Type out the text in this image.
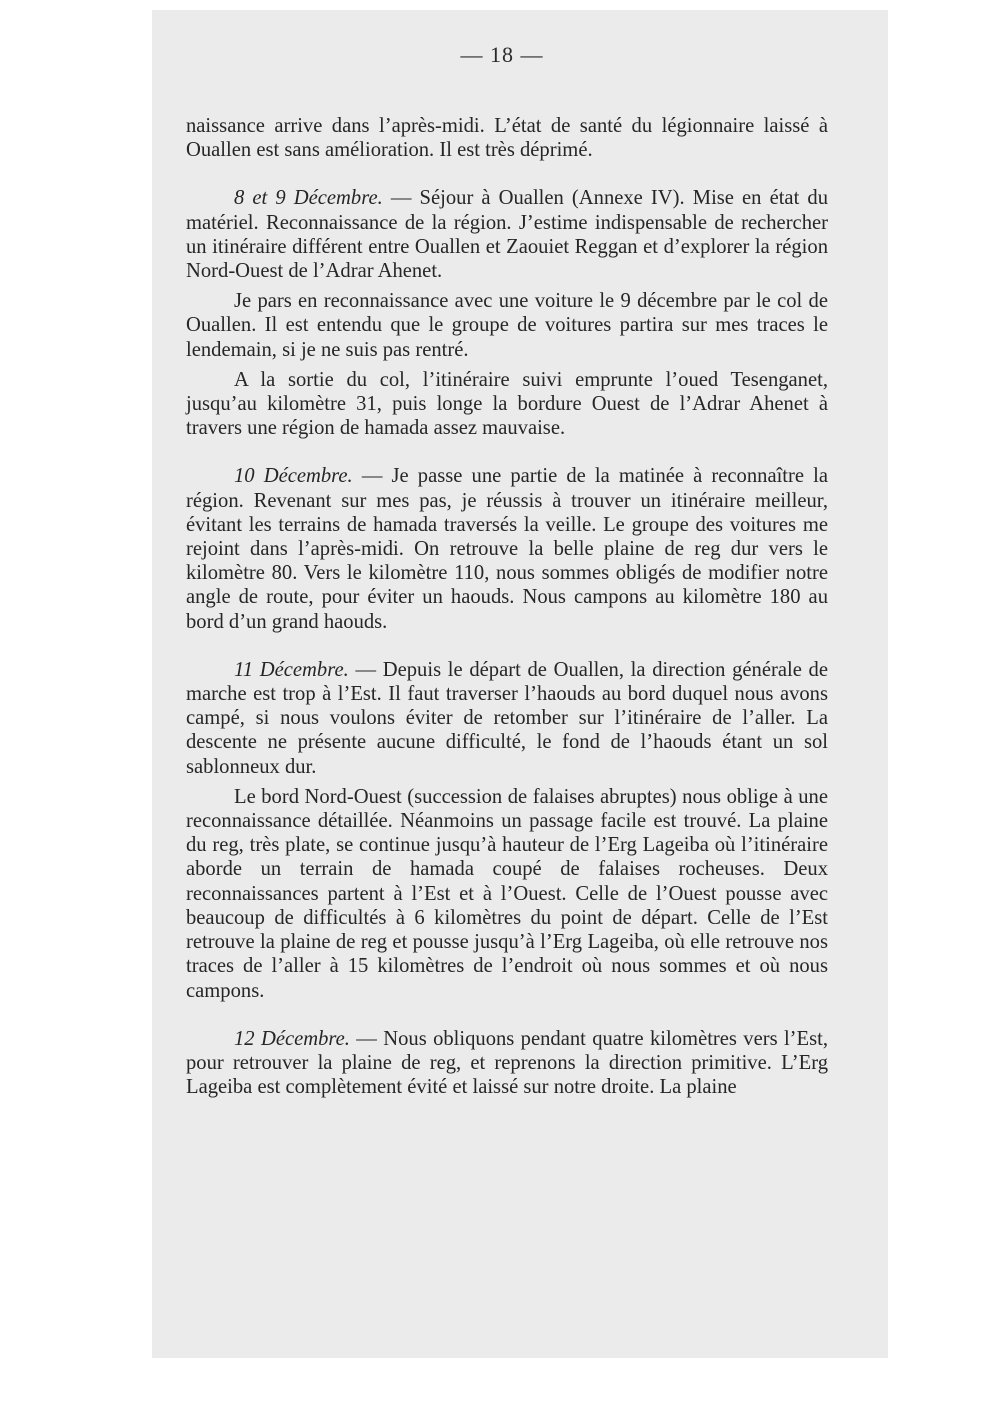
— 18 —

naissance arrive dans l’après-midi. L’état de santé du légionnaire laissé à Ouallen est sans amélioration. Il est très déprimé.

8 et 9 Décembre. — Séjour à Ouallen (Annexe IV). Mise en état du matériel. Reconnaissance de la région. J’estime indispensable de rechercher un itinéraire différent entre Ouallen et Zaouiet Reggan et d’explorer la région Nord-Ouest de l’Adrar Ahenet.

Je pars en reconnaissance avec une voiture le 9 décembre par le col de Ouallen. Il est entendu que le groupe de voitures partira sur mes traces le lendemain, si je ne suis pas rentré.

A la sortie du col, l’itinéraire suivi emprunte l’oued Tesenganet, jusqu’au kilomètre 31, puis longe la bordure Ouest de l’Adrar Ahenet à travers une région de hamada assez mauvaise.

10 Décembre. — Je passe une partie de la matinée à reconnaître la région. Revenant sur mes pas, je réussis à trouver un itinéraire meilleur, évitant les terrains de hamada traversés la veille. Le groupe des voitures me rejoint dans l’après-midi. On retrouve la belle plaine de reg dur vers le kilomètre 80. Vers le kilomètre 110, nous sommes obligés de modifier notre angle de route, pour éviter un haouds. Nous campons au kilomètre 180 au bord d’un grand haouds.

11 Décembre. — Depuis le départ de Ouallen, la direction générale de marche est trop à l’Est. Il faut traverser l’haouds au bord duquel nous avons campé, si nous voulons éviter de retomber sur l’itinéraire de l’aller. La descente ne présente aucune difficulté, le fond de l’haouds étant un sol sablonneux dur.

Le bord Nord-Ouest (succession de falaises abruptes) nous oblige à une reconnaissance détaillée. Néanmoins un passage facile est trouvé. La plaine du reg, très plate, se continue jusqu’à hauteur de l’Erg Lageiba où l’itinéraire aborde un terrain de hamada coupé de falaises rocheuses. Deux reconnaissances partent à l’Est et à l’Ouest. Celle de l’Ouest pousse avec beaucoup de difficultés à 6 kilomètres du point de départ. Celle de l’Est retrouve la plaine de reg et pousse jusqu’à l’Erg Lageiba, où elle retrouve nos traces de l’aller à 15 kilomètres de l’endroit où nous sommes et où nous campons.

12 Décembre. — Nous obliquons pendant quatre kilomètres vers l’Est, pour retrouver la plaine de reg, et reprenons la direction primitive. L’Erg Lageiba est complètement évité et laissé sur notre droite. La plaine
